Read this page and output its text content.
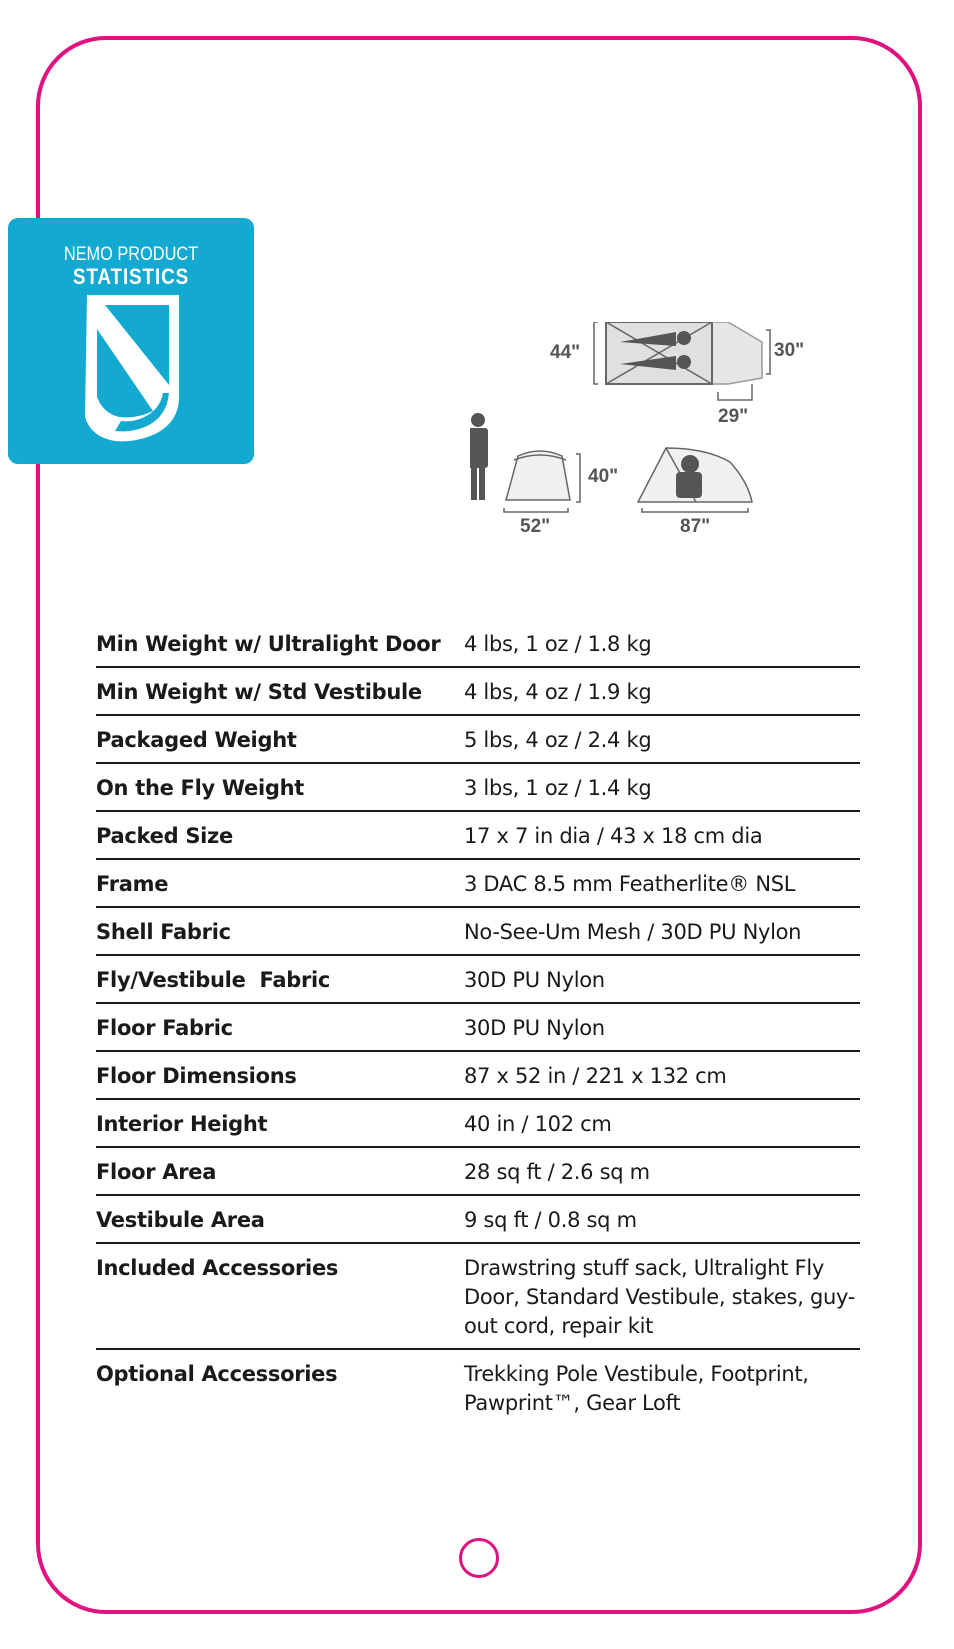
NEMO PRODUCT
STATISTICS
44"	30"
29"
40"
52"	87"
Min Weight w/ Ultralight Door	4 lbs, 1 oz / 1.8 kg
Min Weight w/ Std Vestibule	4 lbs, 4 oz / 1.9 kg
Packaged Weight	5 lbs, 4 oz / 2.4 kg
On the Fly Weight	3 lbs, 1 oz / 1.4 kg
Packed Size	17 x 7 in dia / 43 x 18 cm dia
Frame	3 DAC 8.5 mm Featherlite® NSL
Shell Fabric	No-See-Um Mesh / 30D PU Nylon
Fly/Vestibule  Fabric	30D PU Nylon
Floor Fabric	30D PU Nylon
Floor Dimensions	87 x 52 in / 221 x 132 cm
Interior Height	40 in / 102 cm
Floor Area	28 sq ft / 2.6 sq m
Vestibule Area	9 sq ft / 0.8 sq m
Included Accessories	Drawstring stuff sack, Ultralight Fly Door, Standard Vestibule, stakes, guy-out cord, repair kit
Optional Accessories	Trekking Pole Vestibule, Footprint, Pawprint™, Gear Loft
